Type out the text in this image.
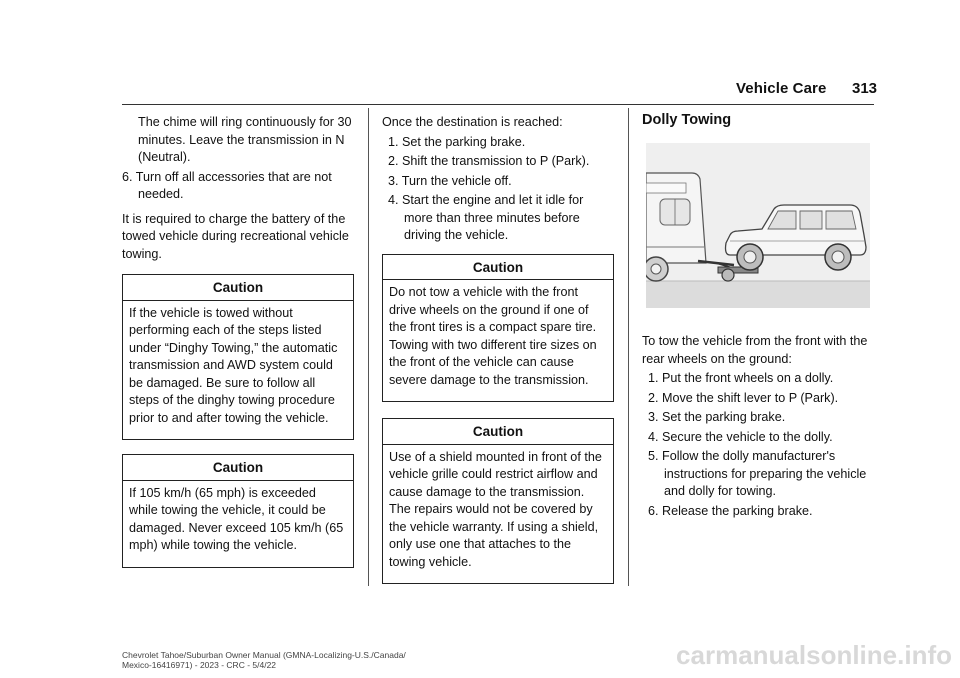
Vehicle Care 313

The chime will ring continuously for 30 minutes. Leave the transmission in N (Neutral).

6. Turn off all accessories that are not needed.

It is required to charge the battery of the towed vehicle during recreational vehicle towing.

Caution
If the vehicle is towed without performing each of the steps listed under “Dinghy Towing,” the automatic transmission and AWD system could be damaged. Be sure to follow all steps of the dinghy towing procedure prior to and after towing the vehicle.
Caution
If 105 km/h (65 mph) is exceeded while towing the vehicle, it could be damaged. Never exceed 105 km/h (65 mph) while towing the vehicle.

Once the destination is reached:

1. Set the parking brake.

2. Shift the transmission to P (Park).

3. Turn the vehicle off.

4. Start the engine and let it idle for more than three minutes before driving the vehicle.

Caution
Do not tow a vehicle with the front drive wheels on the ground if one of the front tires is a compact spare tire. Towing with two different tire sizes on the front of the vehicle can cause severe damage to the transmission.
Caution
Use of a shield mounted in front of the vehicle grille could restrict airflow and cause damage to the transmission. The repairs would not be covered by the vehicle warranty. If using a shield, only use one that attaches to the towing vehicle.

Dolly Towing

To tow the vehicle from the front with the rear wheels on the ground:

1. Put the front wheels on a dolly.

2. Move the shift lever to P (Park).

3. Set the parking brake.

4. Secure the vehicle to the dolly.

5. Follow the dolly manufacturer's instructions for preparing the vehicle and dolly for towing.

6. Release the parking brake.

Chevrolet Tahoe/Suburban Owner Manual (GMNA-Localizing-U.S./Canada/
Mexico-16416971) - 2023 - CRC - 5/4/22	carmanualsonline.info
